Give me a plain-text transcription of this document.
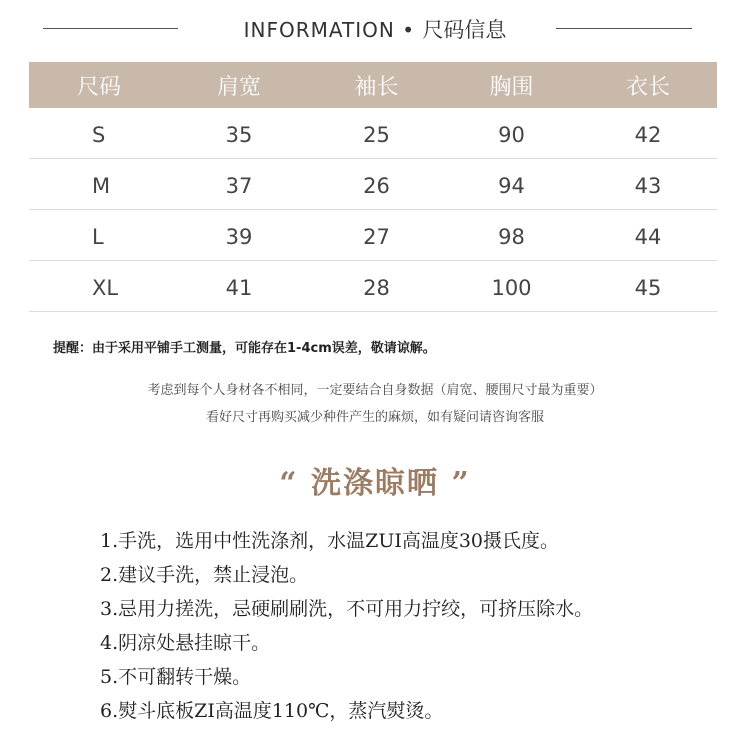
INFORMATION • 尺码信息
尺码	肩宽	袖长	胸围	衣长
S	35	25	90	42
M	37	26	94	43
L	39	27	98	44
XL	41	28	100	45
提醒：由于采用平铺手工测量，可能存在1-4cm误差，敬请谅解。
考虑到每个人身材各不相同，一定要结合自身数据（肩宽、腰围尺寸最为重要）
看好尺寸再购买减少种件产生的麻烦，如有疑问请咨询客服
“ 洗涤晾晒 ”
1.手洗，选用中性洗涤剂，水温ZUI高温度30摄氏度。
2.建议手洗，禁止浸泡。
3.忌用力搓洗，忌硬刷刷洗，不可用力拧绞，可挤压除水。
4.阴凉处悬挂晾干。
5.不可翻转干燥。
6.熨斗底板ZI高温度110℃，蒸汽熨烫。
